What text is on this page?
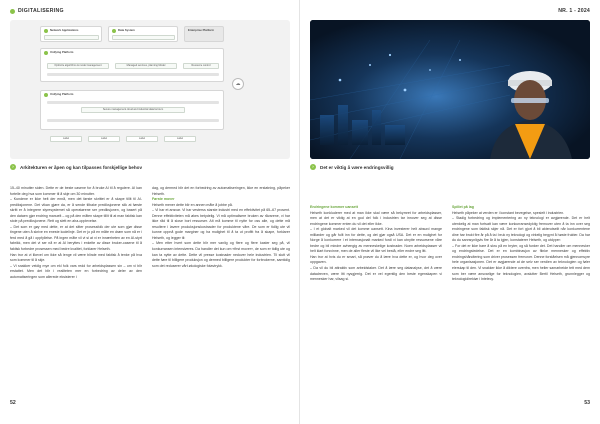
DIGITALISERING
Network Applications	Data System	Enterprise Platform
Unifying Platform
Optimize algorithms & model management	Managed services, planning Model	Resource control
Unifying Platform
Secure management cloud and industrial data ferroum
Label	Label	Label	Label
☁
›	Arkitekturen er åpen og kan tilpasses forskjellige behov

15–40 minutter siden. Dette er de beste casene for å bruke AI til å regulere. AI kan fortelle deg hva som kommer til å skje om 30 minutter.

– Kundene er ikke helt der ennå, men det første skrittet er å skape tillit til AI-prediksjonene. Det vikan gjøre da, er å sende tilbake prediksjonene slik at første skritt er å integrere styresystemet så operatørene ser prediksjonen, og basert på den dataen gjør endring manuelt – og på den måten skape tillit til at man faktisk kan stole på prediksjonene. Rett og slett en aha-opplevelse.

– Det som er gøy med dette, er at det sitter prosessfolk der ute som gjør disse tingene uten å skrive en eneste kodelinje. Det er jo på en måte en drøm som nå er i ferd med å gå i oppfyllelse. På ingen måte vil vi si at vi er innærheten av en AI-styrt fabrikk, men det vi ser nå er at AI beryttes i enkelte av disse bruker-casene til å faktisk forbedre prosessen med bedre kvalitet, forklarer Helseth.

Han tror at vi likevel om ikke så lenge vil være blinde med faktisk å tenke på hva som kommer til å skje.

– Vi snakker veldig mye om ekl folk vars redd for arbeidsplassen sin – om vi blir erstattet. Men det blir i realiteten mer en forbedring av deler av den automatiseringen som allerede eksisterer i

dag, og dermed blir det en forbedring av automatiseringen, ikke en erstatning, påpeker Helseth.

Første mover

Helseth mener dette blir en annen måte å jobbe på.

– Vi har et ansvar. Vi har vesterss starste industri med en effektivitet på 65–67 prosent. Denne effektiviteten må økes betydelig. Vi må optimalisere bruken av råvarene, vi har ikke råd til å slose bort ressurser. Alt må komme til nytte for oss alle, og dette må resultere i lavere produksjonskostnader for produktene våre. De som er tidlig ute vil kunne oppnå gode marginer og ha mulighet til å ta ut profitt fra å skape, forklarer Helseth, og legger til:

– Men etter hvert som dette blir mer vanlig og flere og flere kaster seg på, vil konkurransen intensiveres. Da handler det kun om «first mover», de som er tidlig ute og kan ta nytte av dette. Dette vil presse kostnader nedover hele industrien. Til slutt vil dette føre til billigere produksjon og dermed billigere produkter for forbrukerne, samtidig som det reduserer vårt økologiske fotavtrykk.

52
NR. 1 - 2024
›	Det er viktig å være endringsvillig

Endringene kommer uansett

Helseth konkluderer med at man ikke skal være så bekymret for arbeidsplasser, men at det er viktig at en god del folk i industrien tar innover seg at disse endringene kommer enten du vil det eller ikke.

– I et globalt marked vil det komme uansett. Kina investerer helt absurd mange milliarder og går fullt inn for dette, og det gjør også USA. Det er en mulighet for Norge å konkurrere i et internasjonalt marked fordi vi kan utnytte ressursene våre bedre og bli mindre avhengig av menneskelige kostnader. Noen arbeidsplasser vil helt klart forsvinne, men de aller fleste vil like vel bestå, eller endre seg litt.

Han tror at hvis du er smart, så prøver du å lære hva dette er, og hvor deg over oppgaven.

– Da vil du bli attraktiv som arbeidstaker. Det å lære seg datanalyse, det å være datadreven, være litt nysgjerrig. Det er vel egentlig den beste egenskapen vi mennesker har, vilsag si.

Spillet på lag

Helseth påpeker at verden er i konstant bevegelse, spesielt i industrien.

– Stadig forbedring og implementering av ny teknologi er avgjørende. Det er helt utenkelig at man fortsatt kan være konkurransedyktig fremover uten å ta inn over seg endringene som faktisk skjer nå. Det er fort gjort å bli akterutseilt når konkurrentene dine har brukt fire år på å ta i bruk ny teknologi og virkelig begynt å høste frukter. Da har du du sannsynligvis fire år å ta igjen, konstaterer Helseth, og utdyper:

– For det er ikke bare å skru på en bryter, og så funker det. Det handler om mennesker og endringsledelse. Det er en kombinasjon av flinke mennesker og effektiv endringshåndtering som driver prosessen fremover. Denne forståelsen må gjennomsyre hele organisasjonen. Det er avgjørende at de selv ser verdien av teknologien og føler eierskap til den. Vi snakker ikke å diktere ovenfra, men heller samarbeide tett med dem som ber være ansvarlige for teknologien, avslutter Bertil Helseth, grunnlegger og teknologidirektør i Intelecy.

53
